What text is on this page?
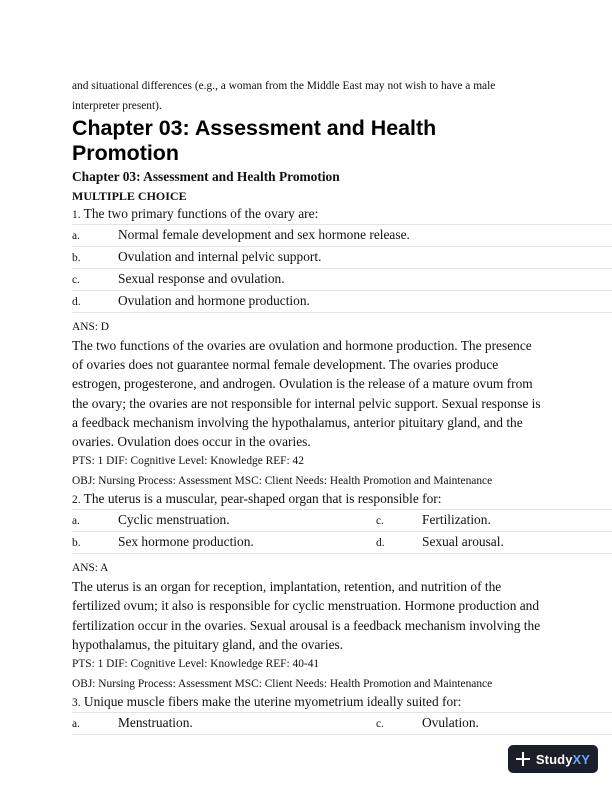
and situational differences (e.g., a woman from the Middle East may not wish to have a male
interpreter present).
Chapter 03: Assessment and Health
Promotion
Chapter 03: Assessment and Health Promotion
MULTIPLE CHOICE
1. The two primary functions of the ovary are:
a.	Normal female development and sex hormone release.
b.	Ovulation and internal pelvic support.
c.	Sexual response and ovulation.
d.	Ovulation and hormone production.
ANS: D
The two functions of the ovaries are ovulation and hormone production. The presence of ovaries does not guarantee normal female development. The ovaries produce estrogen, progesterone, and androgen. Ovulation is the release of a mature ovum from the ovary; the ovaries are not responsible for internal pelvic support. Sexual response is a feedback mechanism involving the hypothalamus, anterior pituitary gland, and the ovaries. Ovulation does occur in the ovaries.
PTS: 1 DIF: Cognitive Level: Knowledge REF: 42
OBJ: Nursing Process: Assessment MSC: Client Needs: Health Promotion and Maintenance
2. The uterus is a muscular, pear-shaped organ that is responsible for:
a.	Cyclic menstruation.	c.	Fertilization.
b.	Sex hormone production.	d.	Sexual arousal.
ANS: A
The uterus is an organ for reception, implantation, retention, and nutrition of the fertilized ovum; it also is responsible for cyclic menstruation. Hormone production and fertilization occur in the ovaries. Sexual arousal is a feedback mechanism involving the hypothalamus, the pituitary gland, and the ovaries.
PTS: 1 DIF: Cognitive Level: Knowledge REF: 40-41
OBJ: Nursing Process: Assessment MSC: Client Needs: Health Promotion and Maintenance
3. Unique muscle fibers make the uterine myometrium ideally suited for:
a.	Menstruation.	c.	Ovulation.
StudyXY
